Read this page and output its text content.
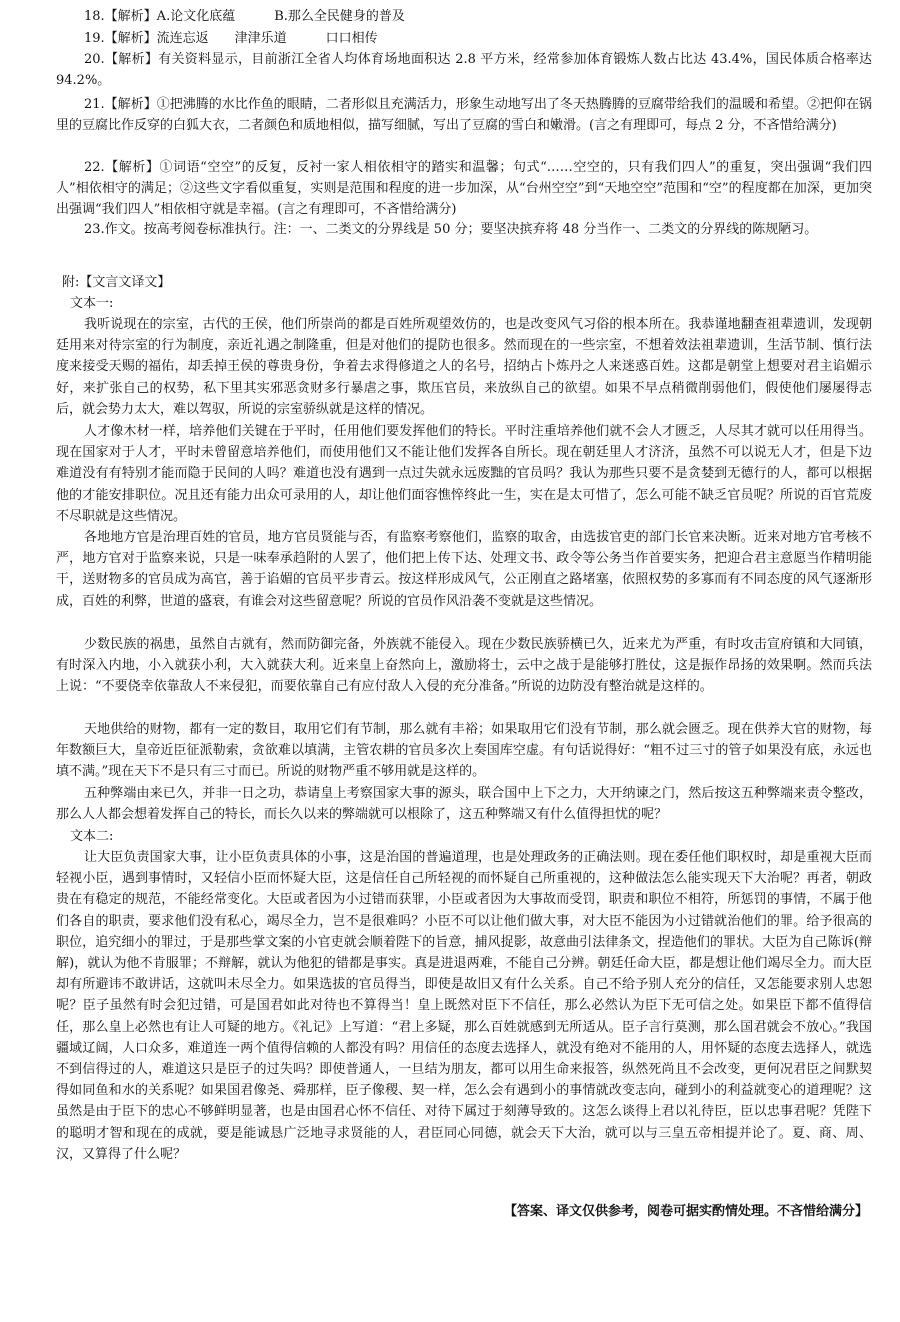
18.【解析】A.论文化底蕴　　　B.那么全民健身的普及

19.【解析】流连忘返　　津津乐道　　　口口相传

20.【解析】有关资料显示，目前浙江全省人均体育场地面积达 2.8 平方米，经常参加体育锻炼人数占比达 43.4%，国民体质合格率达 94.2%。

21.【解析】①把沸腾的水比作鱼的眼睛，二者形似且充满活力，形象生动地写出了冬天热腾腾的豆腐带给我们的温暖和希望。②把仰在锅里的豆腐比作反穿的白狐大衣，二者颜色和质地相似，描写细腻，写出了豆腐的雪白和嫩滑。(言之有理即可，每点 2 分，不吝惜给满分)

22.【解析】①词语“空空”的反复，反衬一家人相依相守的踏实和温馨；句式“……空空的，只有我们四人”的重复，突出强调“我们四人”相依相守的满足；②这些文字看似重复，实则是范围和程度的进一步加深，从“台州空空”到“天地空空”范围和“空”的程度都在加深，更加突出强调“我们四人”相依相守就是幸福。(言之有理即可，不吝惜给满分)

23.作文。按高考阅卷标准执行。注：一、二类文的分界线是 50 分；要坚决摈弃将 48 分当作一、二类文的分界线的陈规陋习。

附:【文言文译文】

文本一:

我听说现在的宗室，古代的王侯，他们所崇尚的都是百姓所观望效仿的，也是改变风气习俗的根本所在。我恭谨地翻查祖辈遗训，发现朝廷用来对待宗室的行为制度，亲近礼遇之制隆重，但是对他们的提防也很多。然而现在的一些宗室，不想着效法祖辈遗训，生活节制、慎行法度来接受天赐的福佑，却丢掉王侯的尊贵身份，争着去求得修道之人的名号，招纳占卜炼丹之人来迷惑百姓。这都是朝堂上想要对君主谄媚示好，来扩张自己的权势，私下里其实邪恶贪财多行暴虐之事，欺压官员，来放纵自己的欲望。如果不早点稍微削弱他们，假使他们屡屡得志后，就会势力太大，难以驾驭，所说的宗室骄纵就是这样的情况。

人才像木材一样，培养他们关键在于平时，任用他们要发挥他们的特长。平时注重培养他们就不会人才匮乏，人尽其才就可以任用得当。现在国家对于人才，平时未曾留意培养他们，而使用他们又不能让他们发挥各自所长。现在朝廷里人才济济，虽然不可以说无人才，但是下边难道没有有特别才能而隐于民间的人吗？难道也没有遇到一点过失就永远废黜的官员吗？我认为那些只要不是贪婪到无德行的人，都可以根据他的才能安排职位。况且还有能力出众可录用的人，却让他们面容憔悴终此一生，实在是太可惜了，怎么可能不缺乏官员呢？所说的百官荒废不尽职就是这些情况。

各地地方官是治理百姓的官员，地方官员贤能与否，有监察考察他们，监察的取舍，由选拔官吏的部门长官来决断。近来对地方官考核不严，地方官对于监察来说，只是一味奉承趋附的人罢了，他们把上传下达、处理文书、政令等公务当作首要实务，把迎合君主意愿当作精明能干，送财物多的官员成为高官，善于谄媚的官员平步青云。按这样形成风气，公正刚直之路堵塞，依照权势的多寡而有不同态度的风气逐渐形成，百姓的利弊，世道的盛衰，有谁会对这些留意呢？所说的官员作风沿袭不变就是这些情况。

少数民族的祸患，虽然自古就有，然而防御完备，外族就不能侵入。现在少数民族骄横已久，近来尤为严重，有时攻击宣府镇和大同镇，有时深入内地，小入就获小利，大入就获大利。近来皇上奋然向上，激励将士，云中之战于是能够打胜仗，这是振作昂扬的效果啊。然而兵法上说：“不要侥幸依靠敌人不来侵犯，而要依靠自己有应付敌人入侵的充分准备。”所说的边防没有整治就是这样的。

天地供给的财物，都有一定的数目，取用它们有节制，那么就有丰裕；如果取用它们没有节制，那么就会匮乏。现在供养大官的财物，每年数额巨大，皇帝近臣征派勒索，贪欲难以填满，主管农耕的官员多次上奏国库空虚。有句话说得好：“粗不过三寸的管子如果没有底，永远也填不满。”现在天下不是只有三寸而已。所说的财物严重不够用就是这样的。

五种弊端由来已久，并非一日之功，恭请皇上考察国家大事的源头，联合国中上下之力，大开纳谏之门，然后按这五种弊端来责令整改，那么人人都会想着发挥自己的特长，而长久以来的弊端就可以根除了，这五种弊端又有什么值得担忧的呢？

文本二:

让大臣负责国家大事，让小臣负责具体的小事，这是治国的普遍道理，也是处理政务的正确法则。现在委任他们职权时，却是重视大臣而轻视小臣，遇到事情时，又轻信小臣而怀疑大臣，这是信任自己所轻视的而怀疑自己所重视的，这种做法怎么能实现天下大治呢？再者，朝政贵在有稳定的规范，不能经常变化。大臣或者因为小过错而获罪，小臣或者因为大事故而受罚，职责和职位不相符，所惩罚的事情，不属于他们各自的职责，要求他们没有私心，竭尽全力，岂不是很难吗？小臣不可以让他们做大事，对大臣不能因为小过错就治他们的罪。给予很高的职位，追究细小的罪过，于是那些掌文案的小官吏就会顺着陛下的旨意，捕风捉影，故意曲引法律条文，捏造他们的罪状。大臣为自己陈诉(辩解)，就认为他不肯服罪；不辩解，就认为他犯的错都是事实。真是进退两难，不能自己分辨。朝廷任命大臣，都是想让他们竭尽全力。而大臣却有所避讳不敢讲话，这就叫未尽全力。如果选拔的官员得当，即使是故旧又有什么关系。自己不给予别人充分的信任，又怎能要求别人忠恕呢？臣子虽然有时会犯过错，可是国君如此对待也不算得当！皇上既然对臣下不信任，那么必然认为臣下无可信之处。如果臣下都不值得信任，那么皇上必然也有让人可疑的地方。《礼记》上写道：“君上多疑，那么百姓就感到无所适从。臣子言行莫测，那么国君就会不放心。”我国疆域辽阔，人口众多，难道连一两个值得信赖的人都没有吗？用信任的态度去选择人，就没有绝对不能用的人，用怀疑的态度去选择人，就选不到信得过的人，难道这只是臣子的过失吗？即使普通人，一旦结为朋友，都可以用生命来报答，纵然死尚且不会改变，更何况君臣之间默契得如同鱼和水的关系呢？如果国君像尧、舜那样，臣子像稷、契一样，怎么会有遇到小的事情就改变志向，碰到小的利益就变心的道理呢？这虽然是由于臣下的忠心不够鲜明显著，也是由国君心怀不信任、对待下属过于刻薄导致的。这怎么谈得上君以礼待臣，臣以忠事君呢？凭陛下的聪明才智和现在的成就，要是能诚恳广泛地寻求贤能的人，君臣同心同德，就会天下大治，就可以与三皇五帝相提并论了。夏、商、周、汉，又算得了什么呢？

【答案、译文仅供参考，阅卷可据实酌情处理。不吝惜给满分】
